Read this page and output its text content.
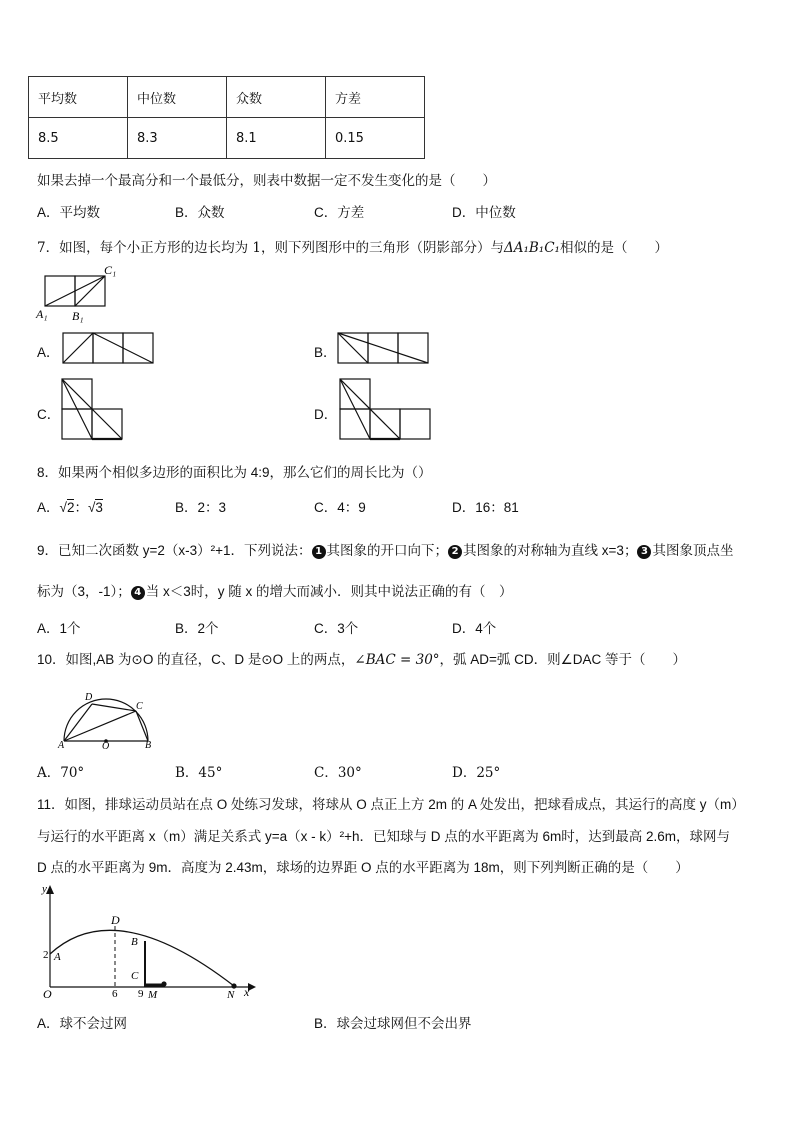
平均数	中位数	众数	方差
8.5	8.3	8.1	0.15
如果去掉一个最高分和一个最低分，则表中数据一定不发生变化的是（　　）
A．平均数	B．众数	C．方差	D．中位数
7．如图，每个小正方形的边长均为 1，则下列图形中的三角形（阴影部分）与ΔA₁B₁C₁相似的是（　　）
C₁
A₁ B₁
A．	B．
C．	D．
8．如果两个相似多边形的面积比为 4:9，那么它们的周长比为（）
A．√2：√3	B．2：3	C．4：9	D．16：81
9．已知二次函数 y=2（x-3）²+1．下列说法： 1 其图象的开口向下； 2 其图象的对称轴为直线 x=3； 3 其图象顶点坐
标为（3，-1）； 4 当 x＜3时，y 随 x 的增大而减小．则其中说法正确的有（　）
A．1个	B．2个	C．3个	D．4个
10．如图,AB 为⊙O 的直径，C、D 是⊙O 上的两点，∠BAC = 30°，弧 AD=弧 CD．则∠DAC 等于（　　）
D
C
A	O	B
A．70°	B．45°	C．30°	D．25°
11．如图，排球运动员站在点 O 处练习发球，将球从 O 点正上方 2m 的 A 处发出，把球看成点，其运行的高度 y（m）
与运行的水平距离 x（m）满足关系式 y=a（x - k）²+h．已知球与 D 点的水平距离为 6m时，达到最高 2.6m，球网与
D 点的水平距离为 9m．高度为 2.43m，球场的边界距 O 点的水平距离为 18m，则下列判断正确的是（　　）
y
x
O
2 A
D
B
C
6 9 M	N
A．球不会过网	B．球会过球网但不会出界
